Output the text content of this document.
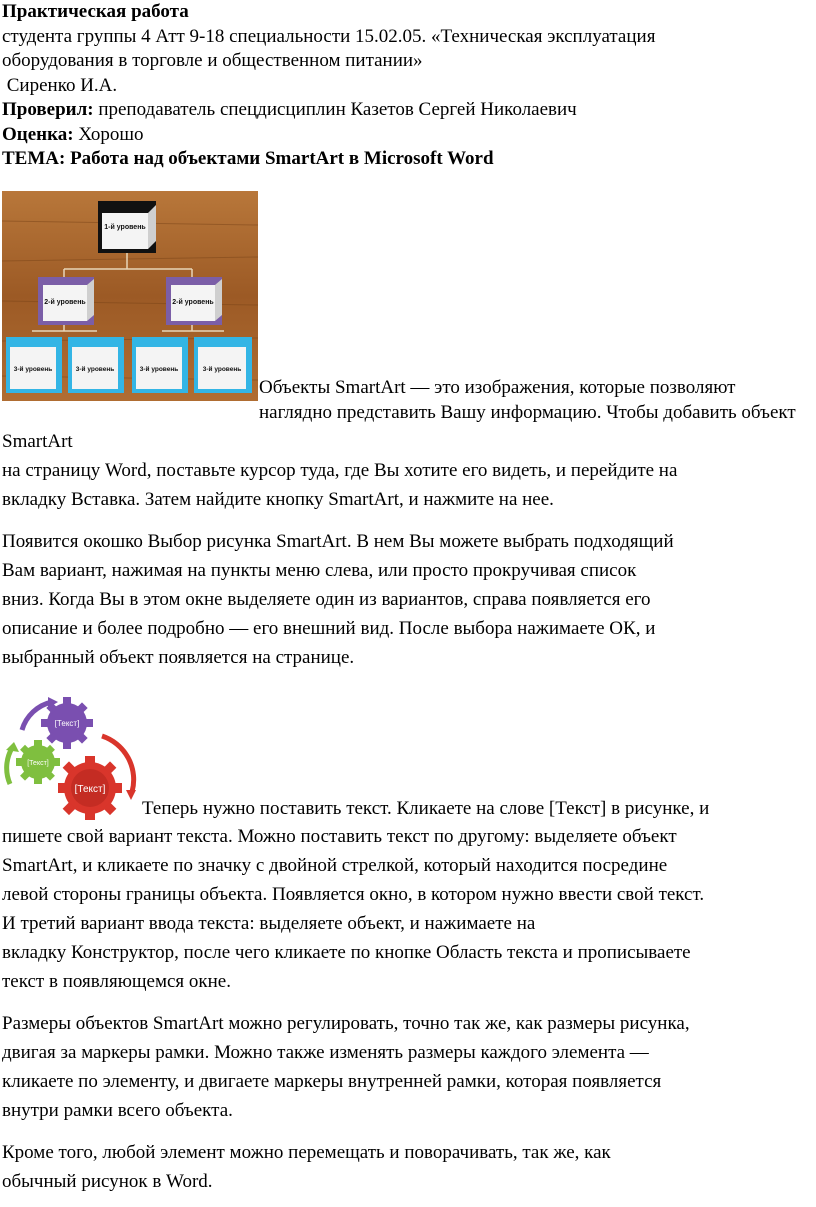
Практическая работа
студента группы 4 Атт 9-18 специальности 15.02.05. «Техническая эксплуатация
оборудования в торговле и общественном питании»
Сиренко И.А.
Проверил: преподаватель спецдисциплин Казетов Сергей Николаевич
Оценка: Хорошо
ТЕМА: Работа над объектами SmartArt в Microsoft Word
1-й уровень
2-й уровень	2-й уровень
3-й уровень	3-й уровень	3-й уровень	3-й уровень
Объекты SmartArt — это изображения, которые позволяют
наглядно представить Вашу информацию. Чтобы добавить объект SmartArt
на страницу Word, поставьте курсор туда, где Вы хотите его видеть, и перейдите на
вкладку Вставка. Затем найдите кнопку SmartArt, и нажмите на нее.
Появится окошко Выбор рисунка SmartArt. В нем Вы можете выбрать подходящий
Вам вариант, нажимая на пункты меню слева, или просто прокручивая список
вниз. Когда Вы в этом окне выделяете один из вариантов, справа появляется его
описание и более подробно — его внешний вид. После выбора нажимаете ОК, и
выбранный объект появляется на странице.
[Текст]
[Текст]
[Текст]
Теперь нужно поставить текст. Кликаете на слове [Текст] в рисунке, и
пишете свой вариант текста. Можно поставить текст по другому: выделяете объект
SmartArt, и кликаете по значку с двойной стрелкой, который находится посредине
левой стороны границы объекта. Появляется окно, в котором нужно ввести свой текст.
И третий вариант ввода текста: выделяете объект, и нажимаете на
вкладку Конструктор, после чего кликаете по кнопке Область текста и прописываете
текст в появляющемся окне.
Размеры объектов SmartArt можно регулировать, точно так же, как размеры рисунка,
двигая за маркеры рамки. Можно также изменять размеры каждого элемента —
кликаете по элементу, и двигаете маркеры внутренней рамки, которая появляется
внутри рамки всего объекта.
Кроме того, любой элемент можно перемещать и поворачивать, так же, как
обычный рисунок в Word.
